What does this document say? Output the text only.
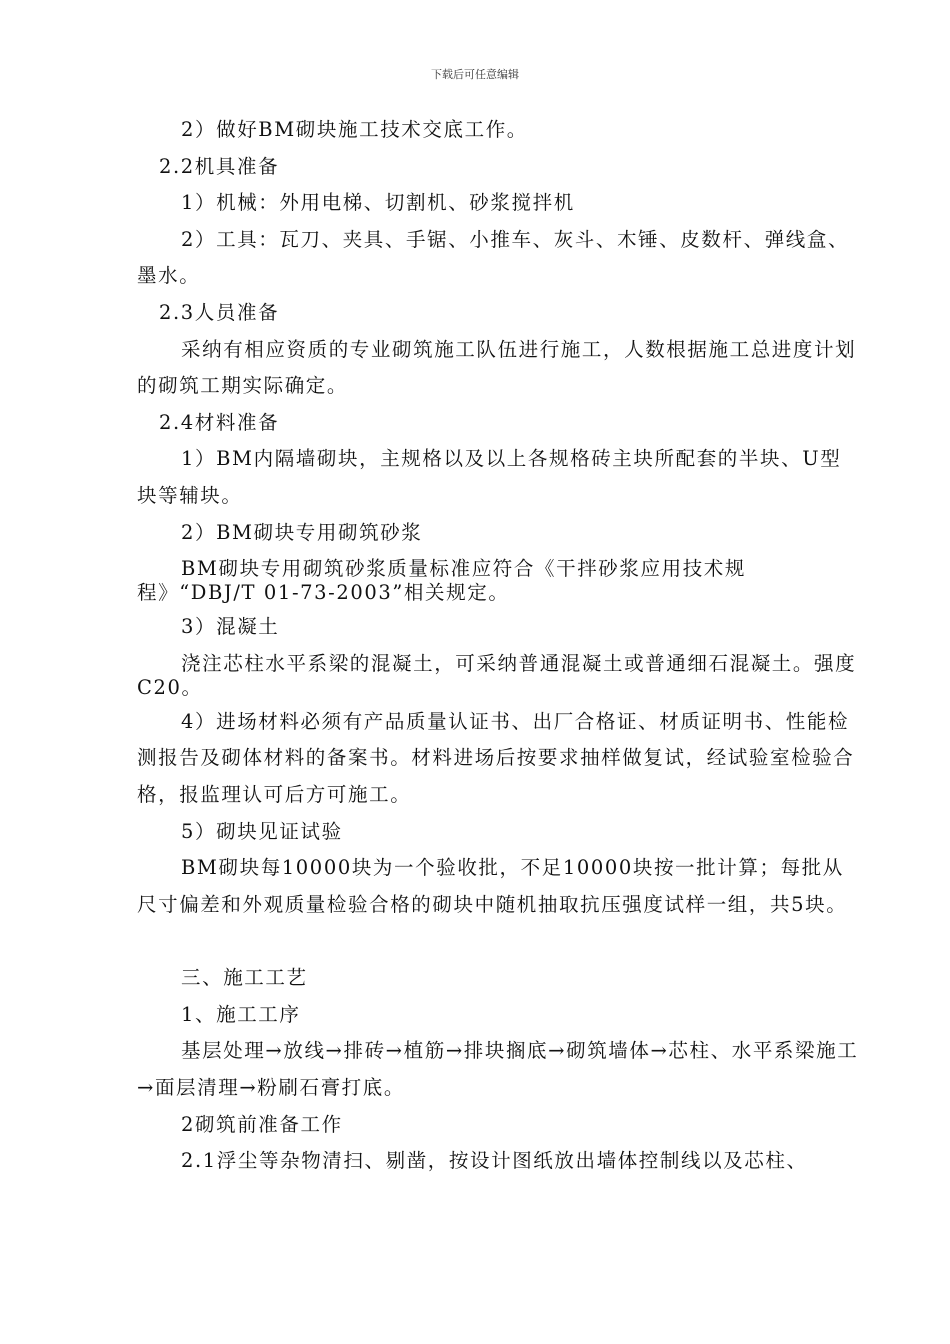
下载后可任意编辑

2）做好BM砌块施工技术交底工作。

2.2机具准备

1）机械：外用电梯、切割机、砂浆搅拌机

2）工具：瓦刀、夹具、手锯、小推车、灰斗、木锤、皮数杆、弹线盒、墨水。

2.3人员准备

采纳有相应资质的专业砌筑施工队伍进行施工，人数根据施工总进度计划的砌筑工期实际确定。

2.4材料准备

1）BM内隔墙砌块，主规格以及以上各规格砖主块所配套的半块、U型块等辅块。

2）BM砌块专用砌筑砂浆

BM砌块专用砌筑砂浆质量标准应符合《干拌砂浆应用技术规程》“DBJ/T 01-73-2003”相关规定。

3）混凝土

浇注芯柱水平系梁的混凝土，可采纳普通混凝土或普通细石混凝土。强度C20。

4）进场材料必须有产品质量认证书、出厂合格证、材质证明书、性能检测报告及砌体材料的备案书。材料进场后按要求抽样做复试，经试验室检验合格，报监理认可后方可施工。

5）砌块见证试验

BM砌块每10000块为一个验收批，不足10000块按一批计算；每批从尺寸偏差和外观质量检验合格的砌块中随机抽取抗压强度试样一组，共5块。

三、施工工艺

1、施工工序

基层处理→放线→排砖→植筋→排块搁底→砌筑墙体→芯柱、水平系梁施工→面层清理→粉刷石膏打底。

2砌筑前准备工作

2.1浮尘等杂物清扫、剔凿，按设计图纸放出墙体控制线以及芯柱、
